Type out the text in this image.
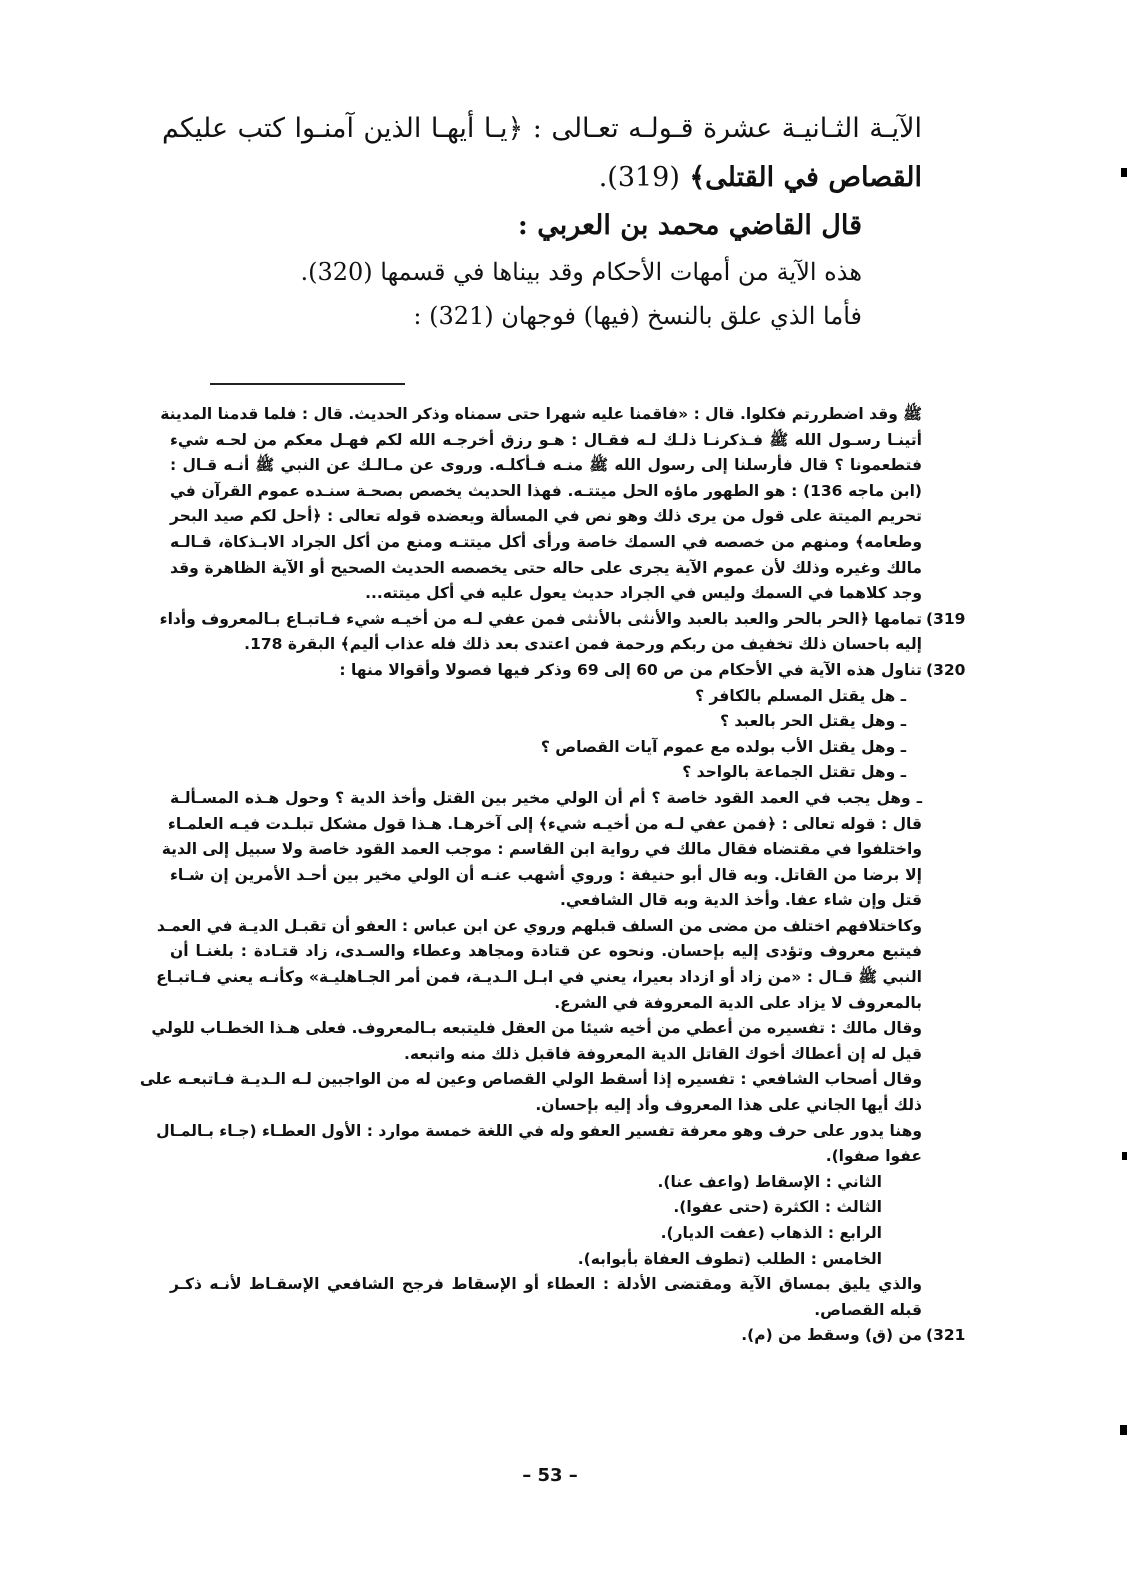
الآيـة الثـانيـة عشرة قـولـه تعـالى : ﴿يـا أيهـا الذين آمنـوا كتب عليكم

القصاص في القتلى﴾ (319).

قال القاضي محمد بن العربي :

هذه الآية من أمهات الأحكام وقد بيناها في قسمها (320).

فأما الذي علق بالنسخ (فيها) فوجهان (321) :

ﷺ وقد اضطررتم فكلوا. قال : «فاقمنا عليه شهرا حتى سمناه وذكر الحديث. قال : فلما قدمنا المدينة

أتينـا رسـول الله ﷺ فـذكرنـا ذلـك لـه فقـال : هـو رزق أخرجـه الله لكم فهـل معكم من لحـه شيء

فتطعمونا ؟ قال فأرسلنا إلى رسول الله ﷺ منـه فـأكلـه. وروى عن مـالـك عن النبي ﷺ أنـه قـال :

(ابن ماجه 136) : هو الطهور ماؤه الحل ميتتـه. فهذا الحديث يخصص بصحـة سنـده عموم القرآن في

تحريم الميتة على قول من يرى ذلك وهو نص في المسألة ويعضده قوله تعالى : ﴿أحل لكم صيد البحر

وطعامه﴾ ومنهم من خصصه في السمك خاصة ورأى أكل ميتتـه ومنع من أكل الجراد الابـذكاة، قـالـه

مالك وغيره وذلك لأن عموم الآية يجرى على حاله حتى يخصصه الحديث الصحيح أو الآية الظاهرة وقد

وجد كلاهما في السمك وليس في الجراد حديث يعول عليه في أكل ميتته...

(319
تمامها ﴿الحر بالحر والعبد بالعبد والأنثى بالأنثى فمن عفي لـه من أخيـه شيء فـاتبـاع بـالمعروف وأداء

إليه باحسان ذلك تخفيف من ربكم ورحمة فمن اعتدى بعد ذلك فله عذاب أليم﴾ البقرة 178.

(320
تناول هذه الآية في الأحكام من ص 60 إلى 69 وذكر فيها فصولا وأقوالا منها :

ـ هل يقتل المسلم بالكافر ؟

ـ وهل يقتل الحر بالعبد ؟

ـ وهل يقتل الأب بولده مع عموم آيات القصاص ؟

ـ وهل تقتل الجماعة بالواحد ؟

ـ وهل يجب في العمد القود خاصة ؟ أم أن الولي مخير بين القتل وأخذ الدية ؟ وحول هـذه المسـألـة

قال : قوله تعالى : ﴿فمن عفي لـه من أخيـه شيء﴾ إلى آخرهـا. هـذا قول مشكل تبلـدت فيـه العلمـاء

واختلفوا في مقتضاه فقال مالك في رواية ابن القاسم : موجب العمد القود خاصة ولا سبيل إلى الدية

إلا برضا من القاتل. وبه قال أبو حنيفة : وروي أشهب عنـه أن الولي مخير بين أحـد الأمرين إن شـاء

قتل وإن شاء عفا. وأخذ الدية وبه قال الشافعي.

وكاختلافهم اختلف من مضى من السلف قبلهم وروي عن ابن عباس : العفو أن تقبـل الديـة في العمـد

فيتبع معروف وتؤدى إليه بإحسان. ونحوه عن قتادة ومجاهد وعطاء والسـدى، زاد قتـادة : بلغنـا أن

النبي ﷺ قـال : «من زاد أو ازداد بعيرا، يعني في ابـل الـديـة، فمن أمر الجـاهليـة» وكأنـه يعني فـاتبـاع

بالمعروف لا يزاد على الدية المعروفة في الشرع.

وقال مالك : تفسيره من أعطي من أخيه شيئا من العقل فليتبعه بـالمعروف. فعلى هـذا الخطـاب للولي

قيل له إن أعطاك أخوك القاتل الدية المعروفة فاقبل ذلك منه واتبعه.

وقال أصحاب الشافعي : تفسيره إذا أسقط الولي القصاص وعين له من الواجبين لـه الـديـة فـاتبعـه على

ذلك أيها الجاني على هذا المعروف وأد إليه بإحسان.

وهنا يدور على حرف وهو معرفة تفسير العفو وله في اللغة خمسة موارد : الأول العطـاء (جـاء بـالمـال

عفوا صفوا).

الثاني : الإسقاط (واعف عنا).

الثالث : الكثرة (حتى عفوا).

الرابع : الذهاب (عفت الديار).

الخامس : الطلب (تطوف العفاة بأبوابه).

والذي يليق بمساق الآية ومقتضى الأدلة : العطاء أو الإسقاط فرجح الشافعي الإسقـاط لأنـه ذكـر

قبله القصاص.

(321
من (ق) وسقط من (م).

– 53 –
